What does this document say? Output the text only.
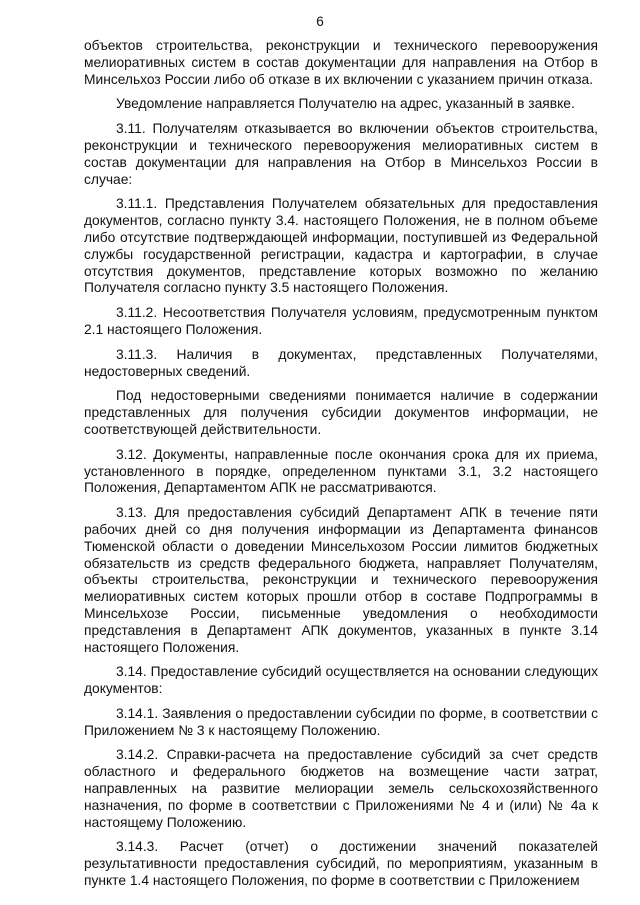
6

объектов строительства, реконструкции и технического перевооружения мелиоративных систем в состав документации для направления на Отбор в Минсельхоз России либо об отказе в их включении с указанием причин отказа.

Уведомление направляется Получателю на адрес, указанный в заявке.

3.11. Получателям отказывается во включении объектов строительства, реконструкции и технического перевооружения мелиоративных систем в состав документации для направления на Отбор в Минсельхоз России в случае:

3.11.1. Представления Получателем обязательных для предоставления документов, согласно пункту 3.4. настоящего Положения, не в полном объеме либо отсутствие подтверждающей информации, поступившей из Федеральной службы государственной регистрации, кадастра и картографии, в случае отсутствия документов, представление которых возможно по желанию Получателя согласно пункту 3.5 настоящего Положения.

3.11.2. Несоответствия Получателя условиям, предусмотренным пунктом 2.1 настоящего Положения.

3.11.3. Наличия в документах, представленных Получателями, недостоверных сведений.

Под недостоверными сведениями понимается наличие в содержании представленных для получения субсидии документов информации, не соответствующей действительности.

3.12. Документы, направленные после окончания срока для их приема, установленного в порядке, определенном пунктами 3.1, 3.2 настоящего Положения, Департаментом АПК не рассматриваются.

3.13. Для предоставления субсидий Департамент АПК в течение пяти рабочих дней со дня получения информации из Департамента финансов Тюменской области о доведении Минсельхозом России лимитов бюджетных обязательств из средств федерального бюджета, направляет Получателям, объекты строительства, реконструкции и технического перевооружения мелиоративных систем которых прошли отбор в составе Подпрограммы в Минсельхозе России, письменные уведомления о необходимости представления в Департамент АПК документов, указанных в пункте 3.14 настоящего Положения.

3.14. Предоставление субсидий осуществляется на основании следующих документов:

3.14.1. Заявления о предоставлении субсидии по форме, в соответствии с Приложением № 3 к настоящему Положению.

3.14.2. Справки-расчета на предоставление субсидий за счет средств областного и федерального бюджетов на возмещение части затрат, направленных на развитие мелиорации земель сельскохозяйственного назначения, по форме в соответствии с Приложениями № 4 и (или) № 4а к настоящему Положению.

3.14.3. Расчет (отчет) о достижении значений показателей результативности предоставления субсидий, по мероприятиям, указанным в пункте 1.4 настоящего Положения, по форме в соответствии с Приложением
